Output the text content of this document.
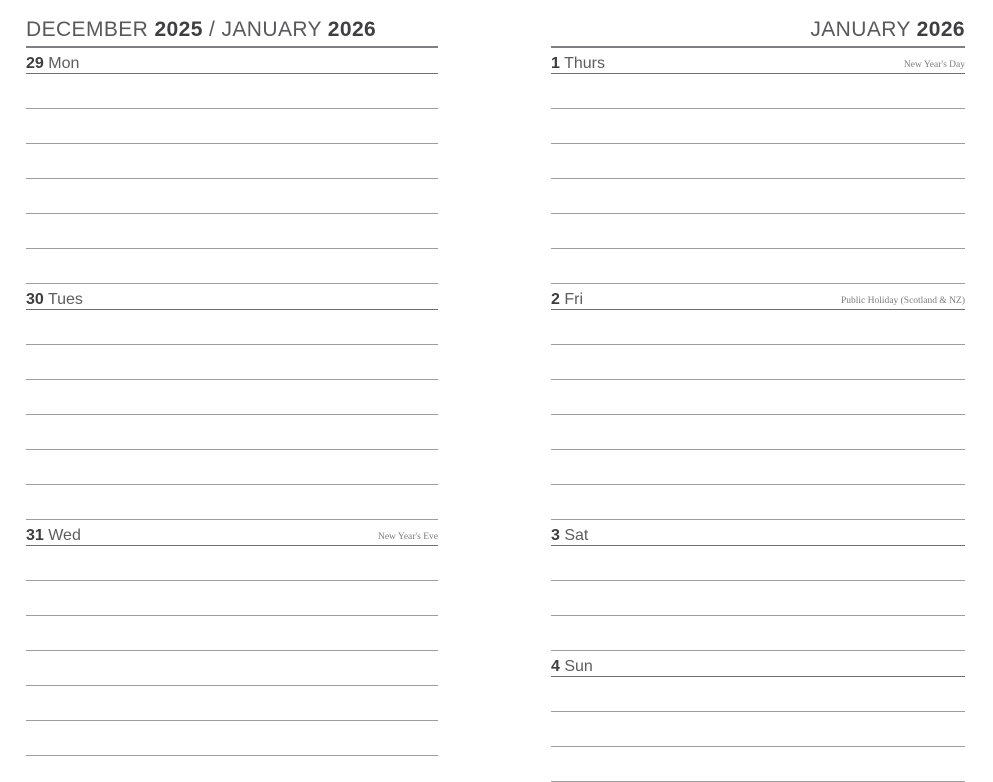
DECEMBER 2025 / JANUARY 2026
29 Mon
30 Tues
31 Wed	New Year's Eve
JANUARY 2026
1 Thurs	New Year's Day
2 Fri	Public Holiday (Scotland & NZ)
3 Sat
4 Sun
